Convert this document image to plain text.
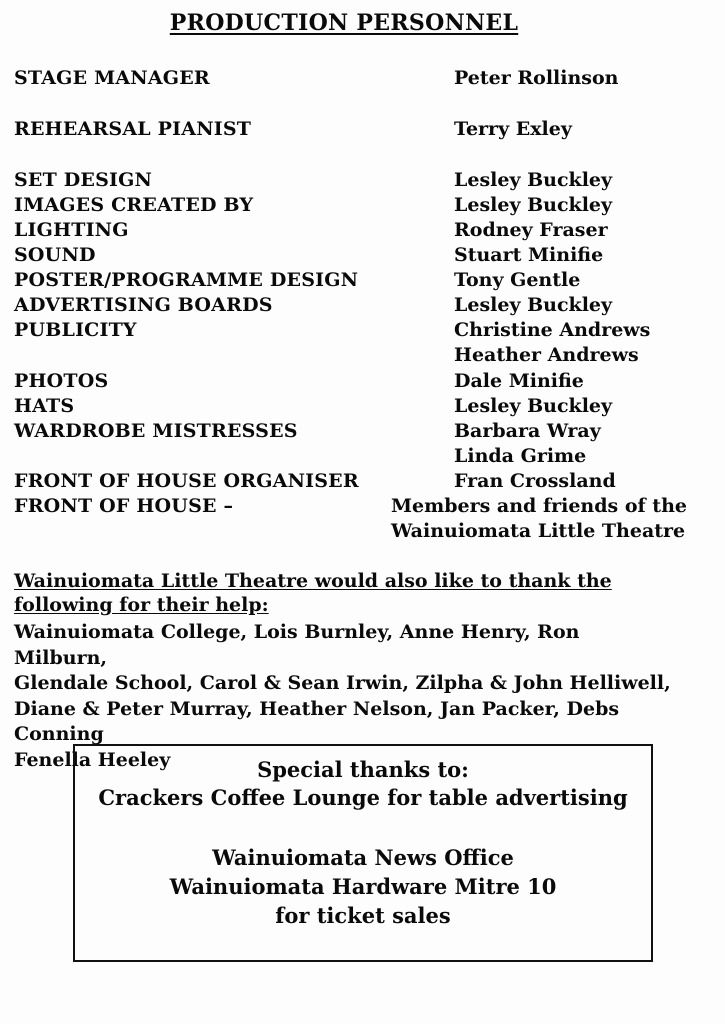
PRODUCTION PERSONNEL
STAGE MANAGER
REHEARSAL PIANIST
SET DESIGN
IMAGES CREATED BY
LIGHTING
SOUND
POSTER/PROGRAMME DESIGN
ADVERTISING BOARDS
PUBLICITY
PHOTOS
HATS
WARDROBE MISTRESSES
FRONT OF HOUSE ORGANISER
FRONT OF HOUSE –
Peter Rollinson
Terry Exley
Lesley Buckley
Lesley Buckley
Rodney Fraser
Stuart Minifie
Tony Gentle
Lesley Buckley
Christine Andrews
Heather Andrews
Dale Minifie
Lesley Buckley
Barbara Wray
Linda Grime
Fran Crossland
Members and friends of the
Wainuiomata Little Theatre
Wainuiomata Little Theatre would also like to thank the following for their help:
Wainuiomata College, Lois Burnley, Anne Henry, Ron Milburn,
Glendale School, Carol & Sean Irwin, Zilpha & John Helliwell,
Diane & Peter Murray, Heather Nelson, Jan Packer, Debs Conning
Fenella Heeley	Special thanks to:
Crackers Coffee Lounge for table advertising
Wainuiomata News Office
Wainuiomata Hardware Mitre 10
for ticket sales
